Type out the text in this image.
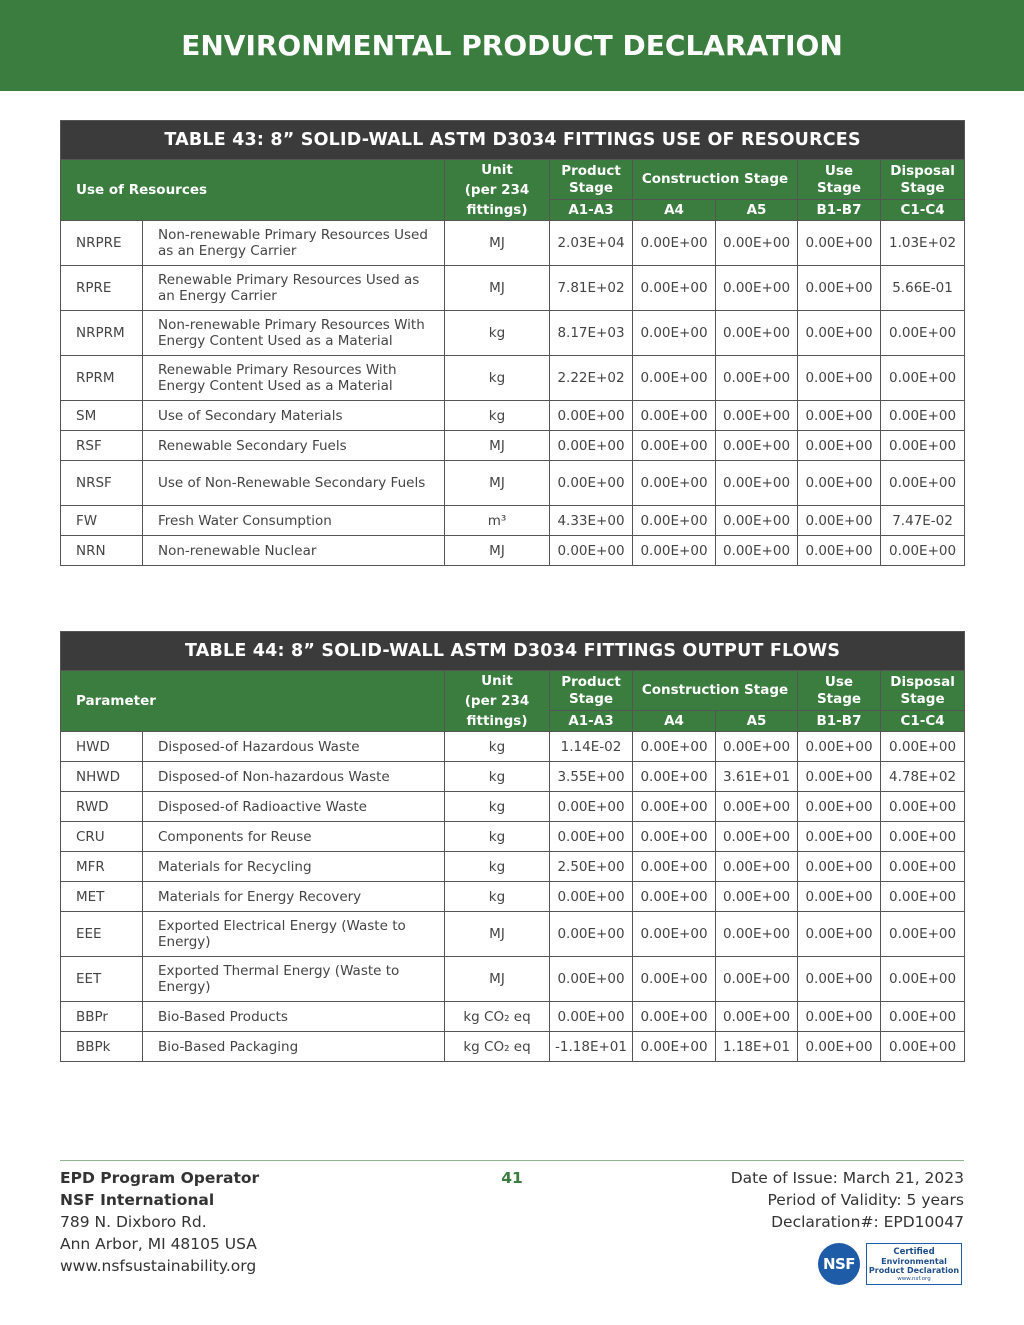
ENVIRONMENTAL PRODUCT DECLARATION
TABLE 43: 8” SOLID-WALL ASTM D3034 FITTINGS USE OF RESOURCES							
Use of Resources		Unit
(per 234
fittings)	Product Stage	Construction Stage		Use Stage	Disposal Stage
			A1-A3	A4	A5	B1-B7	C1-C4
NRPRE	Non-renewable Primary Resources Used as an Energy Carrier	MJ	2.03E+04	0.00E+00	0.00E+00	0.00E+00	1.03E+02
RPRE	Renewable Primary Resources Used as an Energy Carrier	MJ	7.81E+02	0.00E+00	0.00E+00	0.00E+00	5.66E-01
NRPRM	Non-renewable Primary Resources With Energy Content Used as a Material	kg	8.17E+03	0.00E+00	0.00E+00	0.00E+00	0.00E+00
RPRM	Renewable Primary Resources With Energy Content Used as a Material	kg	2.22E+02	0.00E+00	0.00E+00	0.00E+00	0.00E+00
SM	Use of Secondary Materials	kg	0.00E+00	0.00E+00	0.00E+00	0.00E+00	0.00E+00
RSF	Renewable Secondary Fuels	MJ	0.00E+00	0.00E+00	0.00E+00	0.00E+00	0.00E+00
NRSF	Use of Non-Renewable Secondary Fuels	MJ	0.00E+00	0.00E+00	0.00E+00	0.00E+00	0.00E+00
FW	Fresh Water Consumption	m³	4.33E+00	0.00E+00	0.00E+00	0.00E+00	7.47E-02
NRN	Non-renewable Nuclear	MJ	0.00E+00	0.00E+00	0.00E+00	0.00E+00	0.00E+00
TABLE 44: 8” SOLID-WALL ASTM D3034 FITTINGS OUTPUT FLOWS							
Parameter		Unit
(per 234
fittings)	Product Stage	Construction Stage		Use Stage	Disposal Stage
			A1-A3	A4	A5	B1-B7	C1-C4
HWD	Disposed-of Hazardous Waste	kg	1.14E-02	0.00E+00	0.00E+00	0.00E+00	0.00E+00
NHWD	Disposed-of Non-hazardous Waste	kg	3.55E+00	0.00E+00	3.61E+01	0.00E+00	4.78E+02
RWD	Disposed-of Radioactive Waste	kg	0.00E+00	0.00E+00	0.00E+00	0.00E+00	0.00E+00
CRU	Components for Reuse	kg	0.00E+00	0.00E+00	0.00E+00	0.00E+00	0.00E+00
MFR	Materials for Recycling	kg	2.50E+00	0.00E+00	0.00E+00	0.00E+00	0.00E+00
MET	Materials for Energy Recovery	kg	0.00E+00	0.00E+00	0.00E+00	0.00E+00	0.00E+00
EEE	Exported Electrical Energy (Waste to Energy)	MJ	0.00E+00	0.00E+00	0.00E+00	0.00E+00	0.00E+00
EET	Exported Thermal Energy (Waste to Energy)	MJ	0.00E+00	0.00E+00	0.00E+00	0.00E+00	0.00E+00
BBPr	Bio-Based Products	kg CO₂ eq	0.00E+00	0.00E+00	0.00E+00	0.00E+00	0.00E+00
BBPk	Bio-Based Packaging	kg CO₂ eq	-1.18E+01	0.00E+00	1.18E+01	0.00E+00	0.00E+00
EPD Program Operator
NSF International
789 N. Dixboro Rd.
Ann Arbor, MI 48105 USA
www.nsfsustainability.org
41	Date of Issue: March 21, 2023
Period of Validity: 5 years
Declaration#: EPD10047
NSF
Certified
Environmental
Product Declaration
www.nsf.org
